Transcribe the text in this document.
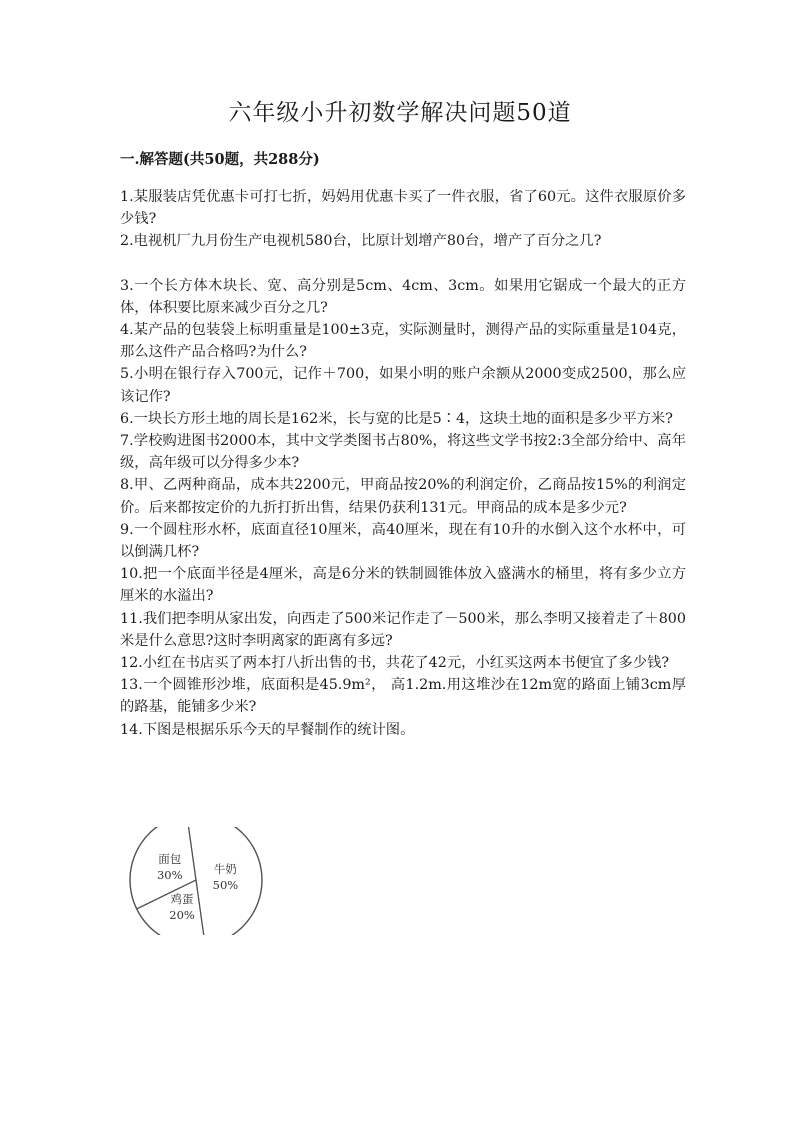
六年级小升初数学解决问题50道
一.解答题(共50题，共288分)

1.某服装店凭优惠卡可打七折，妈妈用优惠卡买了一件衣服，省了60元。这件衣服原价多少钱?

2.电视机厂九月份生产电视机580台，比原计划增产80台，增产了百分之几?

3.一个长方体木块长、宽、高分别是5cm、4cm、3cm。如果用它锯成一个最大的正方体，体积要比原来减少百分之几?

4.某产品的包装袋上标明重量是100±3克，实际测量时，测得产品的实际重量是104克，那么这件产品合格吗?为什么?

5.小明在银行存入700元，记作＋700，如果小明的账户余额从2000变成2500，那么应该记作?

6.一块长方形土地的周长是162米，长与宽的比是5∶4，这块土地的面积是多少平方米?

7.学校购进图书2000本，其中文学类图书占80%，将这些文学书按2:3全部分给中、高年级，高年级可以分得多少本?

8.甲、乙两种商品，成本共2200元，甲商品按20%的利润定价，乙商品按15%的利润定价。后来都按定价的九折打折出售，结果仍获利131元。甲商品的成本是多少元?

9.一个圆柱形水杯，底面直径10厘米，高40厘米，现在有10升的水倒入这个水杯中，可以倒满几杯?

10.把一个底面半径是4厘米，高是6分米的铁制圆锥体放入盛满水的桶里，将有多少立方厘米的水溢出?

11.我们把李明从家出发，向西走了500米记作走了－500米，那么李明又接着走了＋800米是什么意思?这时李明离家的距离有多远?

12.小红在书店买了两本打八折出售的书，共花了42元，小红买这两本书便宜了多少钱?

13.一个圆锥形沙堆，底面积是45.9m²， 高1.2m.用这堆沙在12m宽的路面上铺3cm厚的路基，能铺多少米?

14.下图是根据乐乐今天的早餐制作的统计图。

牛奶
50%
鸡蛋
20%
面包
30%
